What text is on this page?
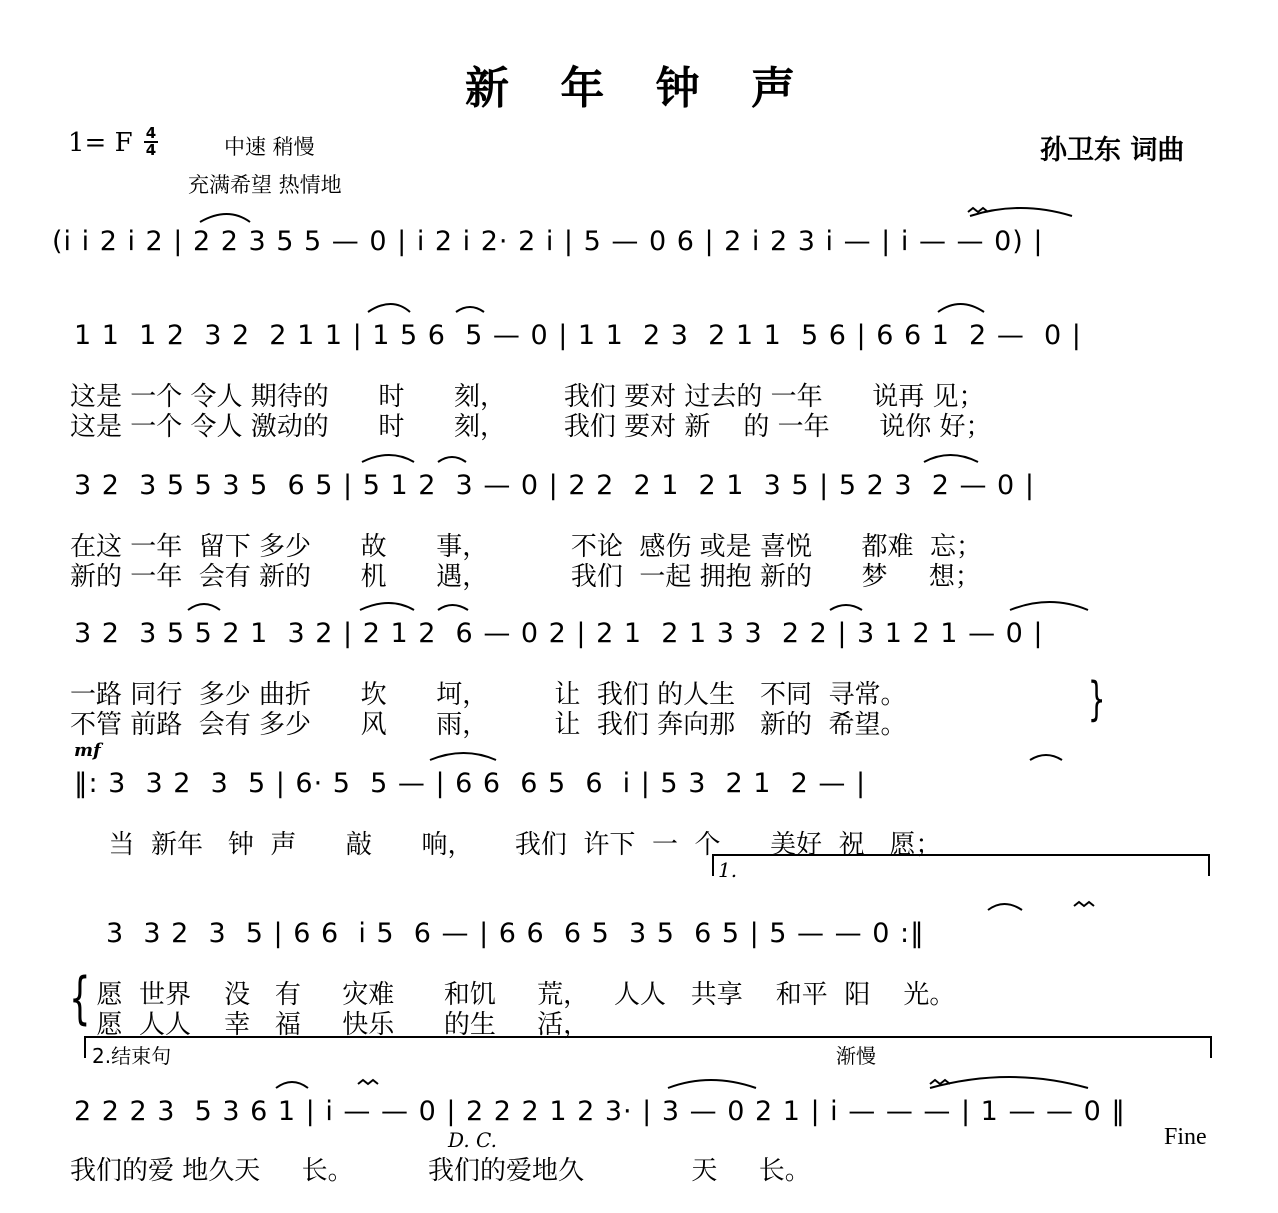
新 年 钟 声
1= F 4
4	中速 稍慢
充满希望 热情地
孙卫东 词曲
(i i 2 i 2 | 2 2 3 5 5 — 0 | i 2 i 2· 2 i | 5 — 0 6 | 2 i 2 3 i — | i — — 0) |
1 1  1 2  3 2  2 1 1 | 1 5 6  5 — 0 | 1 1  2 3  2 1 1  5 6 | 6 6 1  2 —  0 |
这是 一个 令人 期待的      时      刻，       我们 要对 过去的 一年      说再 见；
这是 一个 令人 激动的      时      刻，       我们 要对 新    的 一年      说你 好；
3 2  3 5 5 3 5  6 5 | 5 1 2  3 — 0 | 2 2  2 1  2 1  3 5 | 5 2 3  2 — 0 |
在这 一年  留下 多少      故      事，          不论  感伤 或是 喜悦      都难  忘；
新的 一年  会有 新的      机      遇，          我们  一起 拥抱 新的      梦     想；
3 2  3 5 5 2 1  3 2 | 2 1 2  6 — 0 2 | 2 1  2 1 3 3  2 2 | 3 1 2 1 — 0 |
一路 同行  多少 曲折      坎      坷，        让  我们 的人生   不同  寻常。
不管 前路  会有 多少      风      雨，        让  我们 奔向那   新的  希望。	}
mf
‖: 3  3 2  3  5 | 6· 5  5 — | 6 6  6 5  6  i | 5 3  2 1  2 — |
当  新年   钟  声      敲      响，     我们  许下  一  个      美好  祝   愿；
1.
3  3 2  3  5 | 6 6  i 5  6 — | 6 6  6 5  3 5  6 5 | 5 — — 0 :‖
{
愿  世界    没   有     灾难      和饥     荒，   人人   共享    和平  阳    光。
愿  人人    幸   福     快乐      的生     活，
2.结束句	渐慢
2 2 2 3  5 3 6 1 | i — — 0 | 2 2 2 1 2 3· | 3 — 0 2 1 | i — — — | 1 — — 0 ‖
D. C.	Fine
我们的爱 地久天     长。         我们的爱地久             天     长。
